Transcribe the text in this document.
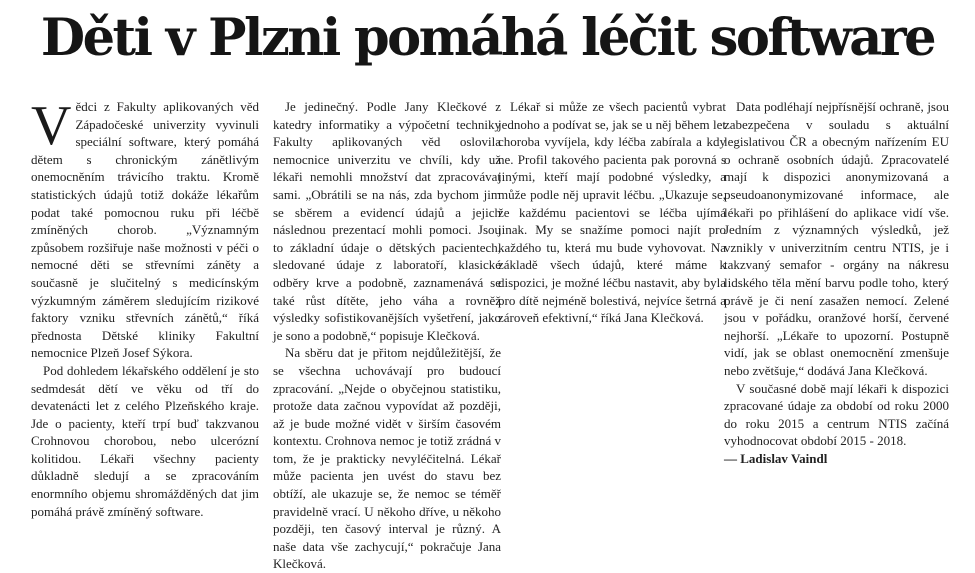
Děti v Plzni pomáhá léčit software

Vědci z Fakulty aplikovaných věd Západočeské univerzity vyvinuli speciální software, který pomáhá dětem s chronickým zánětlivým onemocněním trávicího traktu. Kromě statistických údajů totiž dokáže lékařům podat také pomocnou ruku při léčbě zmíněných chorob. „Významným způsobem rozšiřuje naše možnosti v péči o nemocné děti se střevními záněty a současně je slučitelný s medicínským výzkumným záměrem sledujícím rizikové faktory vzniku střevních zánětů,“ říká přednosta Dětské kliniky Fakultní nemocnice Plzeň Josef Sýkora.

Pod dohledem lékařského oddělení je sto sedmdesát dětí ve věku od tří do devatenácti let z celého Plzeňského kraje. Jde o pacienty, kteří trpí buď takzvanou Crohnovou chorobou, nebo ulcerózní kolitidou. Lékaři všechny pacienty důkladně sledují a se zpracováním enormního objemu shromážděných dat jim pomáhá právě zmíněný software.

Je jedinečný. Podle Jany Klečkové z katedry informatiky a výpočetní techniky Fakulty aplikovaných věd oslovila nemocnice univerzitu ve chvíli, kdy už lékaři nemohli množství dat zpracovávat sami. „Obrátili se na nás, zda bychom jim se sběrem a evidencí údajů a jejich následnou prezentací mohli pomoci. Jsou to základní údaje o dětských pacientech, sledované údaje z laboratoří, klasické odběry krve a podobně, zaznamenává se také růst dítěte, jeho váha a rovněž výsledky sofistikovanějších vyšetření, jako je sono a podobně,“ popisuje Klečková.

Na sběru dat je přitom nejdůležitější, že se všechna uchovávají pro budoucí zpracování. „Nejde o obyčejnou statistiku, protože data začnou vypovídat až později, až je bude možné vidět v širším časovém kontextu. Crohnova nemoc je totiž zrádná v tom, že je prakticky nevyléčitelná. Lékař může pacienta jen uvést do stavu bez obtíží, ale ukazuje se, že nemoc se téměř pravidelně vrací. U někoho dříve, u někoho později, ten časový interval je různý. A naše data vše zachycují,“ pokračuje Jana Klečková.

Lékař si může ze všech pacientů vybrat jednoho a podívat se, jak se u něj během let choroba vyvíjela, kdy léčba zabírala a kdy ne. Profil takového pacienta pak porovná s jinými, kteří mají podobné výsledky, a může podle něj upravit léčbu. „Ukazuje se, že každému pacientovi se léčba ujímá jinak. My se snažíme pomoci najít pro každého tu, která mu bude vyhovovat. Na základě všech údajů, které máme k dispozici, je možné léčbu nastavit, aby byla pro dítě nejméně bolestivá, nejvíce šetrná a zároveň efektivní,“ říká Jana Klečková.

Data podléhají nejpřísnější ochraně, jsou zabezpečena v souladu s aktuální legislativou ČR a obecným nařízením EU o ochraně osobních údajů. Zpracovatelé mají k dispozici anonymizovaná a pseudoanonymizované informace, ale lékaři po přihlášení do aplikace vidí vše. Jedním z významných výsledků, jež vznikly v univerzitním centru NTIS, je i takzvaný semafor - orgány na nákresu lidského těla mění barvu podle toho, který právě je či není zasažen nemocí. Zelené jsou v pořádku, oranžové horší, červené nejhorší. „Lékaře to upozorní. Postupně vidí, jak se oblast onemocnění zmenšuje nebo zvětšuje,“ dodává Jana Klečková.

V současné době mají lékaři k dispozici zpracované údaje za období od roku 2000 do roku 2015 a centrum NTIS začíná vyhodnocovat období 2015 - 2018.

— Ladislav Vaindl
